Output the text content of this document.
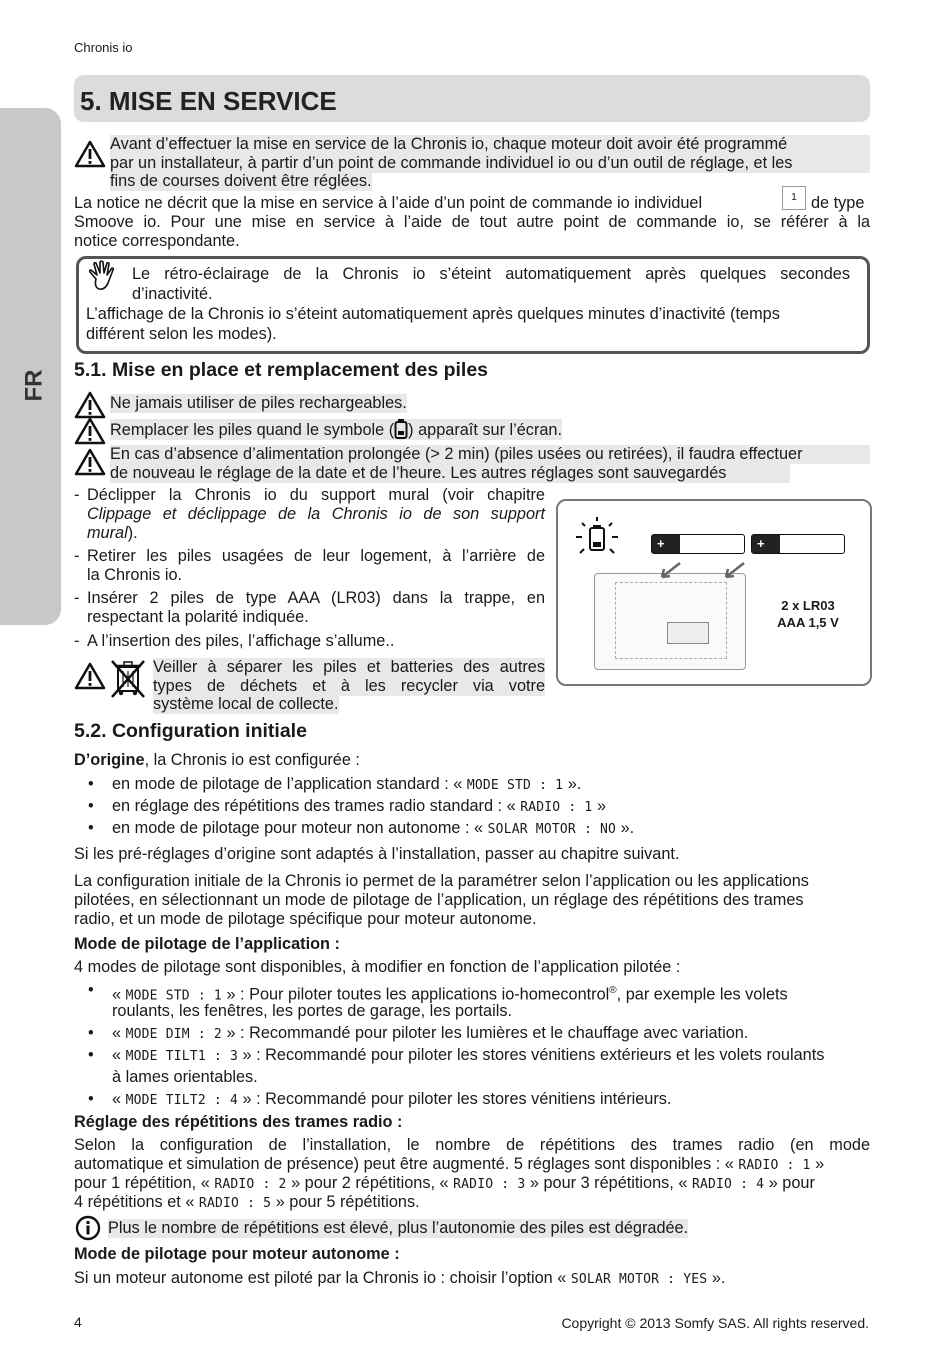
Chronis io
FR
5. MISE EN SERVICE
Avant d’effectuer la mise en service de la Chronis io, chaque moteur doit avoir été programmé
par un installateur, à partir d’un point de commande individuel io ou d’un outil de réglage, et les
fins de courses doivent être réglées.
La notice ne décrit que la mise en service à l’aide d’un point de commande io individuel	1 de type
Smoove io. Pour une mise en service à l’aide de tout autre point de commande io, se référer à la
notice correspondante.
Le rétro-éclairage de la Chronis io s’éteint automatiquement après quelques secondes
d’inactivité.
L’affichage de la Chronis io s’éteint automatiquement après quelques minutes d’inactivité (temps
différent selon les modes).
5.1. Mise en place et remplacement des piles
Ne jamais utiliser de piles rechargeables.
Remplacer les piles quand le symbole ( ) apparaît sur l’écran.
En cas d’absence d’alimentation prolongée (> 2 min) (piles usées ou retirées), il faudra effectuer
de nouveau le réglage de la date et de l’heure. Les autres réglages sont sauvegardés
- Déclipper la Chronis io du support mural (voir chapitre
Clippage et déclippage de la Chronis io de son support
mural).
- Retirer les piles usagées de leur logement, à l’arrière de
la Chronis io.
- Insérer 2 piles de type AAA (LR03) dans la trappe, en
respectant la polarité indiquée.
- A l’insertion des piles, l’affichage s’allume..
Veiller à séparer les piles et batteries des autres
types de déchets et à les recycler via votre
système local de collecte.
+	+
2 x LR03
AAA 1,5 V
5.2. Configuration initiale
D’origine, la Chronis io est configurée :
• en mode de pilotage de l’application standard : « MODE STD : 1 ».
• en réglage des répétitions des trames radio standard : « RADIO : 1 »
• en mode de pilotage pour moteur non autonome : « SOLAR MOTOR : NO ».
Si les pré-réglages d’origine sont adaptés à l’installation, passer au chapitre suivant.
La configuration initiale de la Chronis io permet de la paramétrer selon l’application ou les applications
pilotées, en sélectionnant un mode de pilotage de l’application, un réglage des répétitions des trames
radio, et un mode de pilotage spécifique pour moteur autonome.
Mode de pilotage de l’application :
4 modes de pilotage sont disponibles, à modifier en fonction de l’application pilotée :
• « MODE STD : 1 » : Pour piloter toutes les applications io-homecontrol®, par exemple les volets
roulants, les fenêtres, les portes de garage, les portails.
• « MODE DIM : 2 » : Recommandé pour piloter les lumières et le chauffage avec variation.
• « MODE TILT1 : 3 » : Recommandé pour piloter les stores vénitiens extérieurs et les volets roulants
à lames orientables.
• « MODE TILT2 : 4 » : Recommandé pour piloter les stores vénitiens intérieurs.
Réglage des répétitions des trames radio :
Selon la configuration de l’installation, le nombre de répétitions des trames radio (en mode
automatique et simulation de présence) peut être augmenté. 5 réglages sont disponibles : « RADIO : 1 »
pour 1 répétition, « RADIO : 2 » pour 2 répétitions, « RADIO : 3 » pour 3 répétitions, « RADIO : 4 » pour
4 répétitions et « RADIO : 5 » pour 5 répétitions.
Plus le nombre de répétitions est élevé, plus l’autonomie des piles est dégradée.
Mode de pilotage pour moteur autonome :
Si un moteur autonome est piloté par la Chronis io : choisir l’option « SOLAR MOTOR : YES ».
4	Copyright © 2013 Somfy SAS. All rights reserved.
